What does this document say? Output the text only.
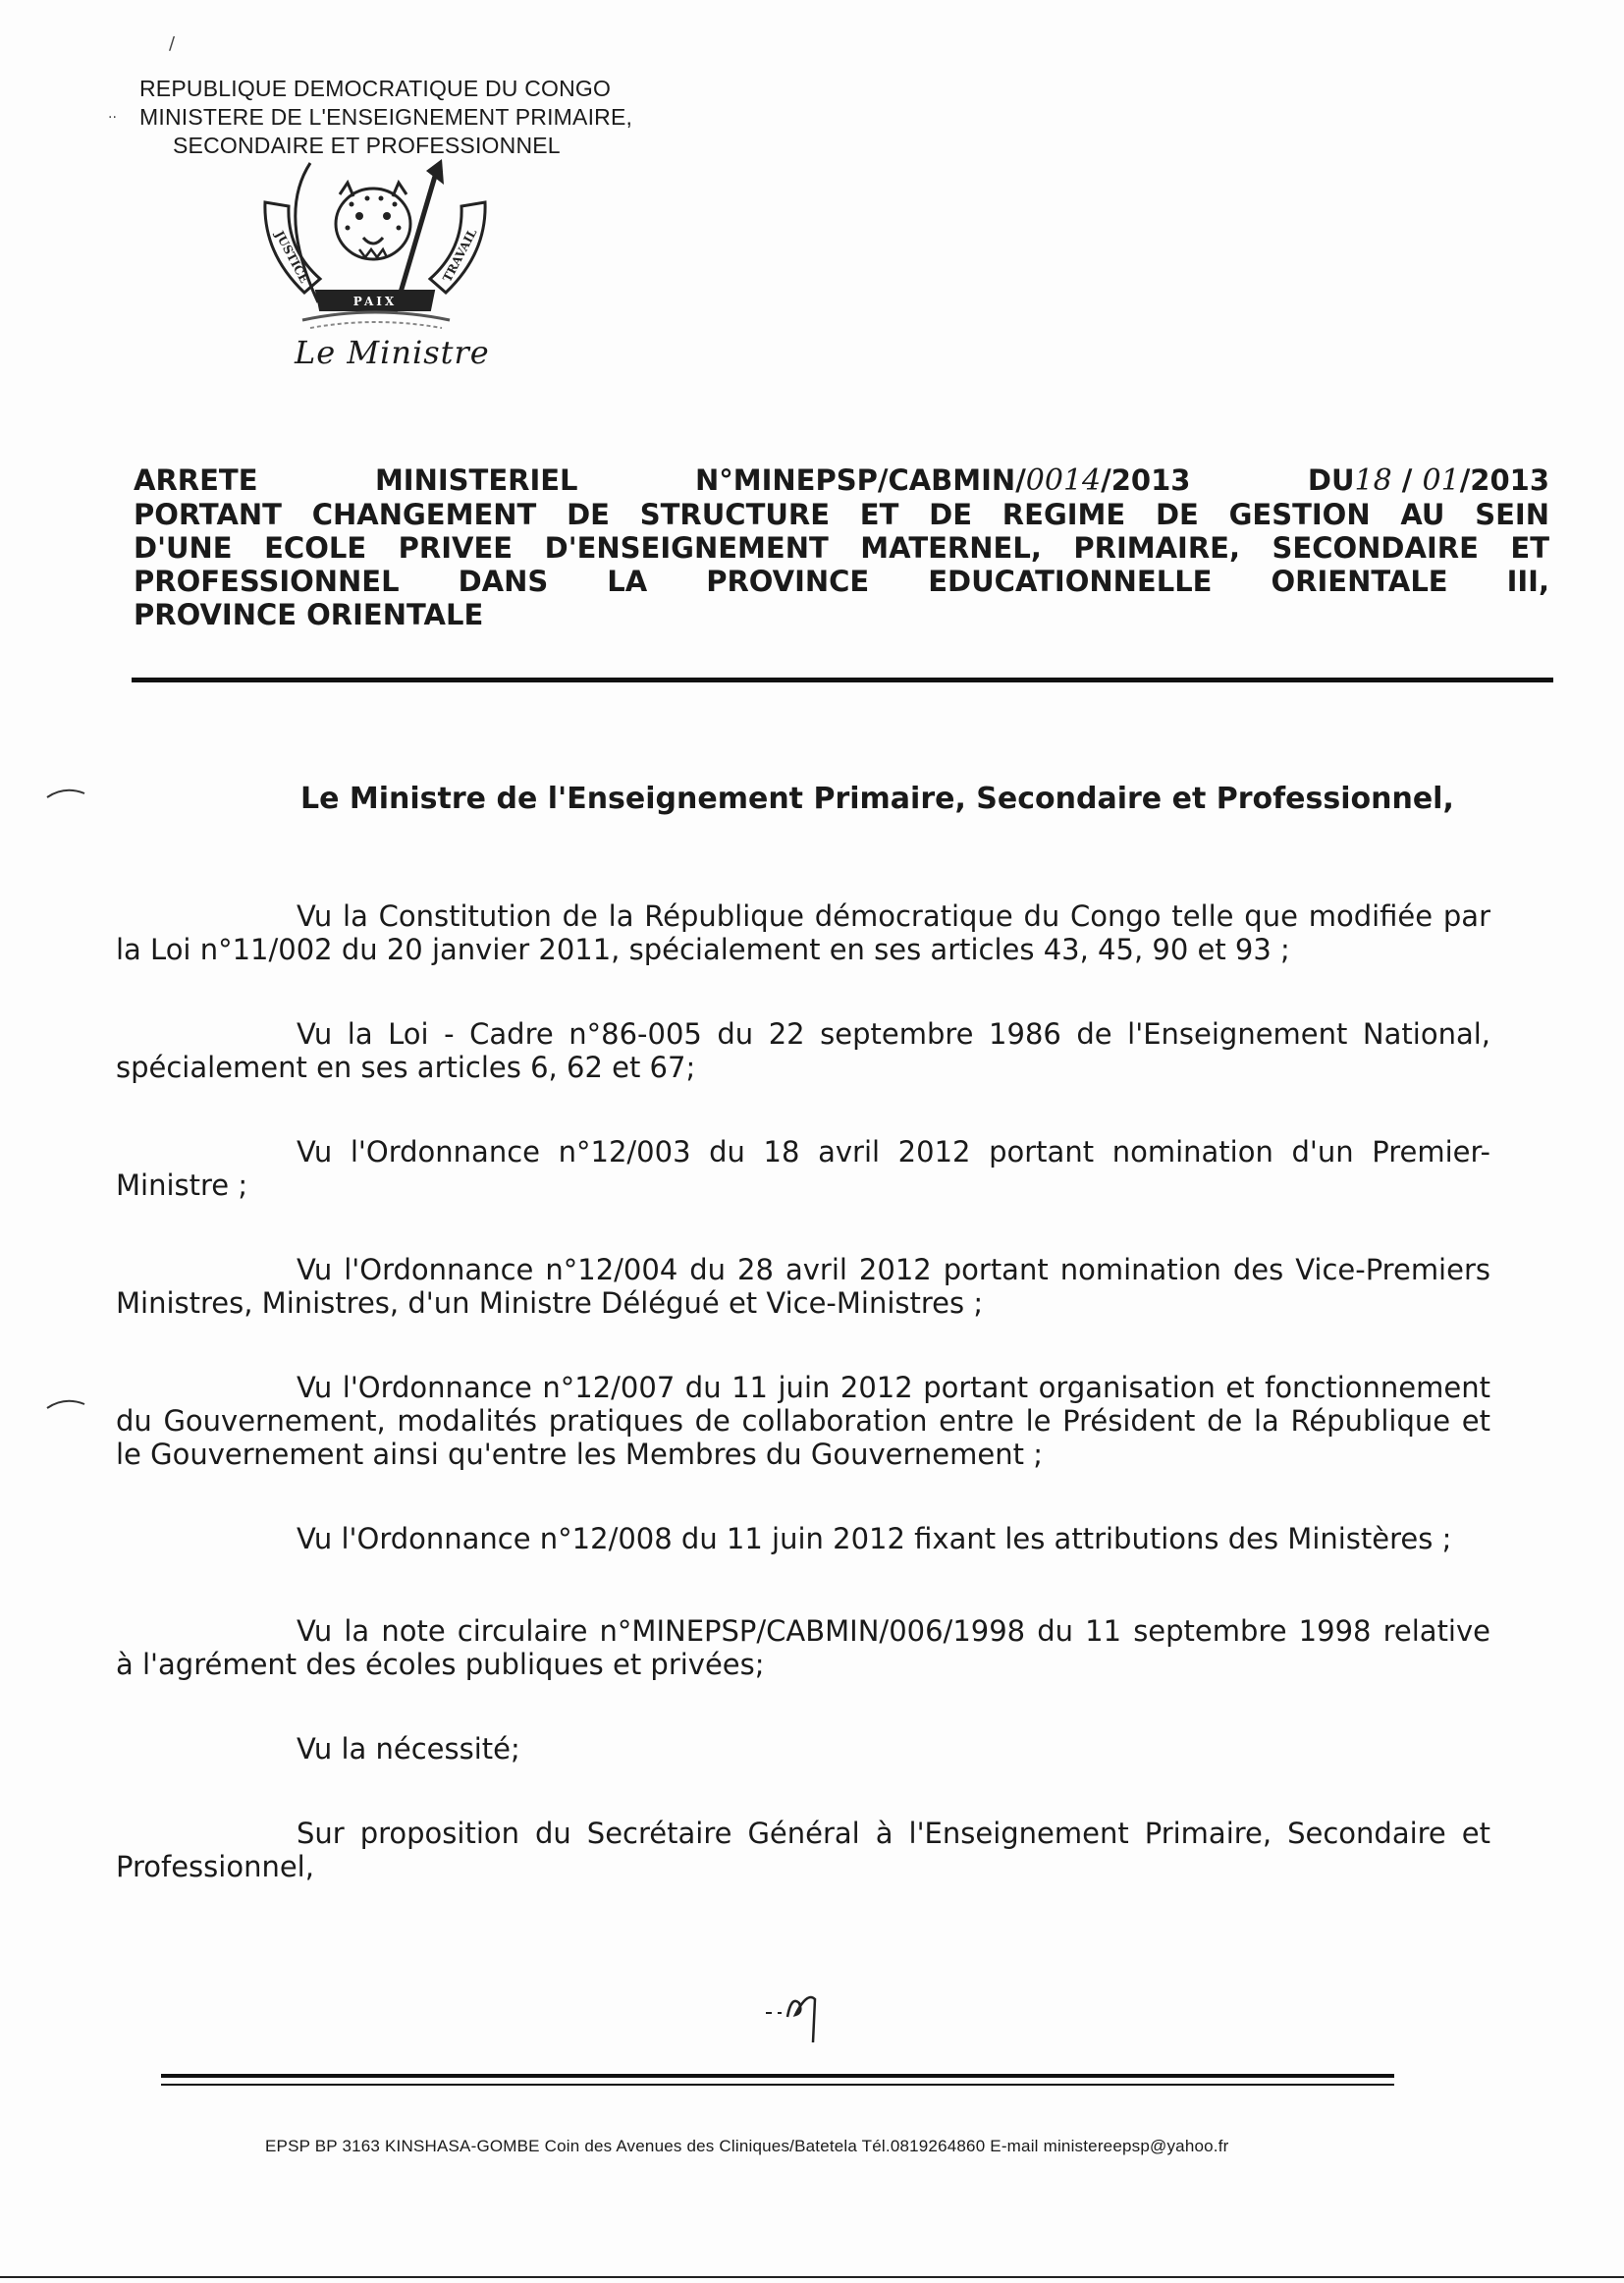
/
..
REPUBLIQUE DEMOCRATIQUE DU CONGO
MINISTERE DE L'ENSEIGNEMENT PRIMAIRE,
SECONDAIRE ET PROFESSIONNEL
JUSTICE	TRAVAIL
PAIX
Le Ministre
ARRETE	MINISTERIEL	N°MINEPSP/CABMIN/0014/2013	DU18 / 01/2013
PORTANT CHANGEMENT DE STRUCTURE ET DE REGIME DE GESTION AU SEIN
D'UNE ECOLE PRIVEE D'ENSEIGNEMENT MATERNEL, PRIMAIRE, SECONDAIRE ET
PROFESSIONNEL DANS LA PROVINCE EDUCATIONNELLE ORIENTALE III,
PROVINCE ORIENTALE
Le Ministre de l'Enseignement Primaire, Secondaire et Professionnel,

Vu la Constitution de la République démocratique du Congo telle que modifiée par la Loi n°11/002 du 20 janvier 2011, spécialement en ses articles 43, 45, 90 et 93 ;

Vu la Loi - Cadre n°86-005 du 22 septembre 1986 de l'Enseignement National, spécialement en ses articles 6, 62 et 67;

Vu l'Ordonnance n°12/003 du 18 avril 2012 portant nomination d'un Premier-Ministre ;

Vu l'Ordonnance n°12/004 du 28 avril 2012 portant nomination des Vice-Premiers Ministres, Ministres, d'un Ministre Délégué et Vice-Ministres ;

Vu l'Ordonnance n°12/007 du 11 juin 2012 portant organisation et fonctionnement du Gouvernement, modalités pratiques de collaboration entre le Président de la République et le Gouvernement ainsi qu'entre les Membres du Gouvernement ;

Vu l'Ordonnance n°12/008 du 11 juin 2012 fixant les attributions des Ministères ;

Vu la note circulaire n°MINEPSP/CABMIN/006/1998 du 11 septembre 1998 relative à l'agrément des écoles publiques et privées;

Vu la nécessité;

Sur proposition du Secrétaire Général à l'Enseignement Primaire, Secondaire et Professionnel,

EPSP BP 3163 KINSHASA-GOMBE Coin des Avenues des Cliniques/Batetela Tél.0819264860 E-mail ministereepsp@yahoo.fr
